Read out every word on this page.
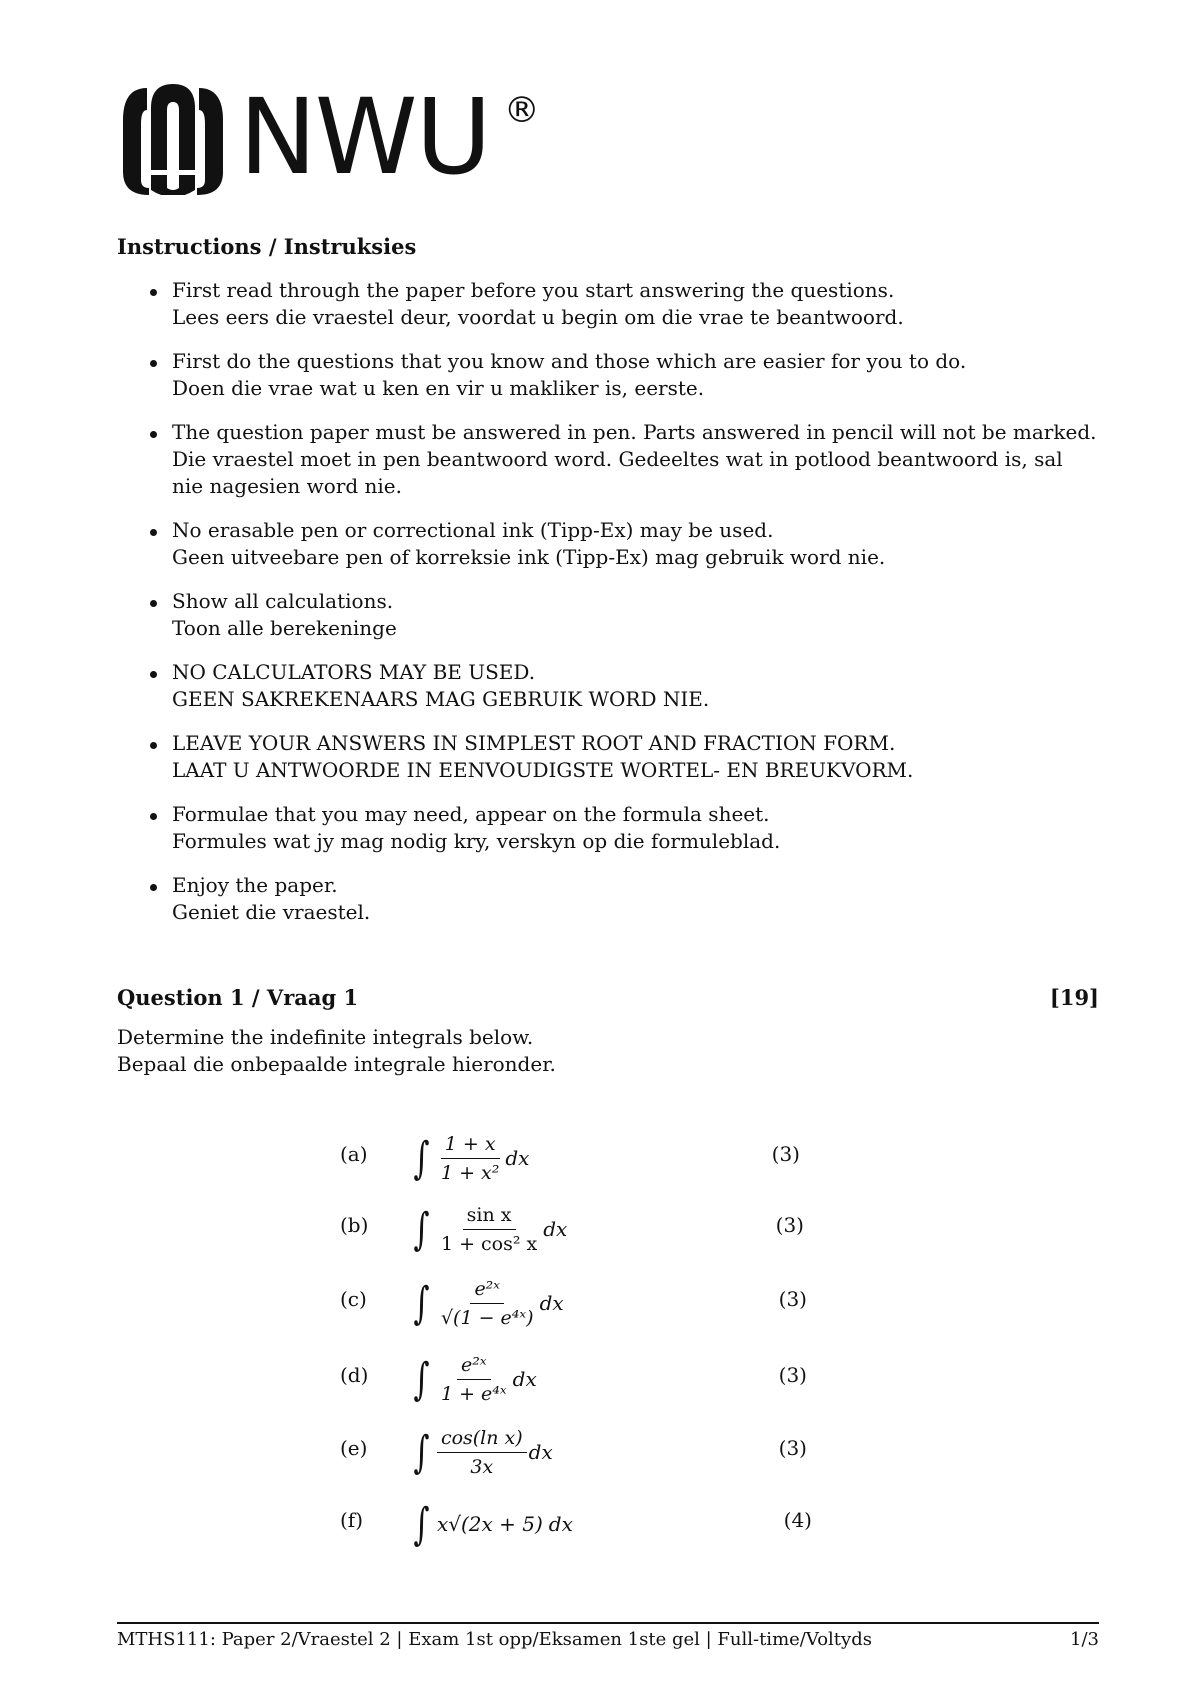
NWU ®
Instructions / Instruksies
First read through the paper before you start answering the questions.
Lees eers die vraestel deur, voordat u begin om die vrae te beantwoord.
First do the questions that you know and those which are easier for you to do.
Doen die vrae wat u ken en vir u makliker is, eerste.
The question paper must be answered in pen. Parts answered in pencil will not be marked.
Die vraestel moet in pen beantwoord word. Gedeeltes wat in potlood beantwoord is, sal nie nagesien word nie.
No erasable pen or correctional ink (Tipp-Ex) may be used.
Geen uitveebare pen of korreksie ink (Tipp-Ex) mag gebruik word nie.
Show all calculations.
Toon alle berekeninge
NO CALCULATORS MAY BE USED.
GEEN SAKREKENAARS MAG GEBRUIK WORD NIE.
LEAVE YOUR ANSWERS IN SIMPLEST ROOT AND FRACTION FORM.
LAAT U ANTWOORDE IN EENVOUDIGSTE WORTEL- EN BREUKVORM.
Formulae that you may need, appear on the formula sheet.
Formules wat jy mag nodig kry, verskyn op die formuleblad.
Enjoy the paper.
Geniet die vraestel.
Question 1 / Vraag 1	[19]
Determine the indefinite integrals below.
Bepaal die onbepaalde integrale hieronder.
(a) ∫ $\frac{1 + x}{\text{1 + x²}}$ dx	(3)
(b) ∫ $\frac{\text{sin x}}{\text{1 + cos² x}}$ dx	(3)
(c) ∫ $\frac{\text{e²ˣ}}{\text{√(1 − e⁴ˣ)}}$ dx	(3)
(d) ∫ $\frac{\text{e²ˣ}}{\text{1 + e⁴ˣ}}$ dx	(3)
(e) ∫ $\frac{\text{cos(ln x)}}{3x}$ dx	(3)
(f) ∫ x√(2x + 5) dx	(4)
MTHS111: Paper 2/Vraestel 2 | Exam 1st opp/Eksamen 1ste gel | Full-time/Voltyds	1/3
